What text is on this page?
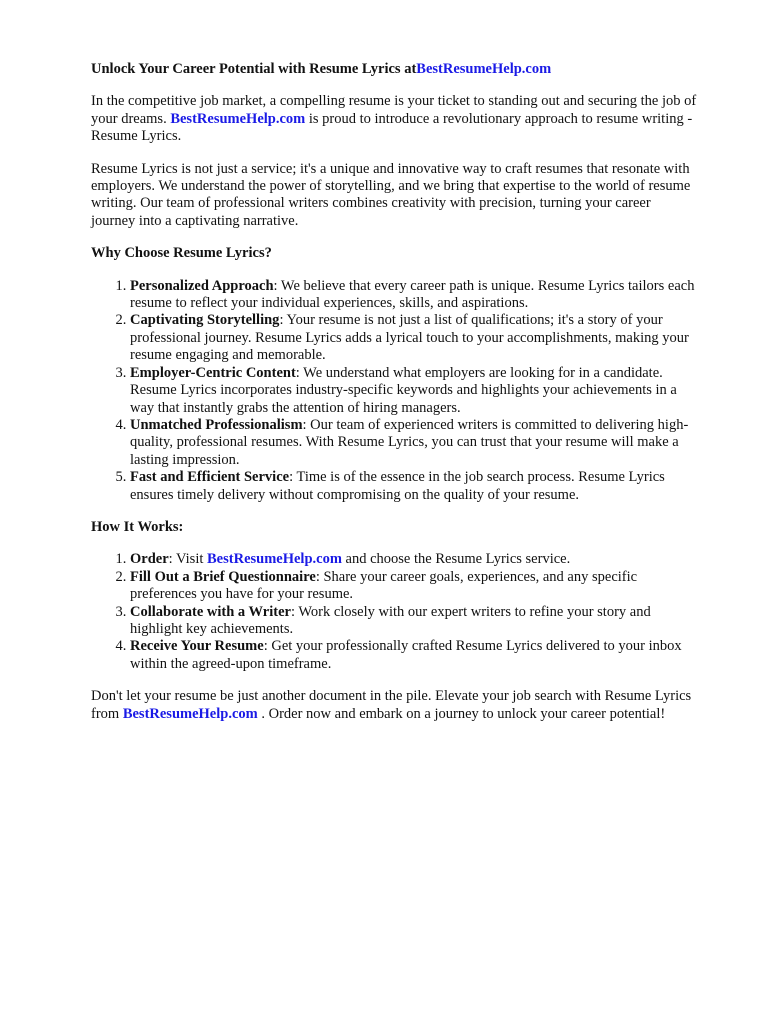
Unlock Your Career Potential with Resume Lyrics atBestResumeHelp.com

In the competitive job market, a compelling resume is your ticket to standing out and securing the job of your dreams. BestResumeHelp.com is proud to introduce a revolutionary approach to resume writing - Resume Lyrics.

Resume Lyrics is not just a service; it's a unique and innovative way to craft resumes that resonate with employers. We understand the power of storytelling, and we bring that expertise to the world of resume writing. Our team of professional writers combines creativity with precision, turning your career journey into a captivating narrative.

Why Choose Resume Lyrics?
1. Personalized Approach: We believe that every career path is unique. Resume Lyrics tailors each resume to reflect your individual experiences, skills, and aspirations.
2. Captivating Storytelling: Your resume is not just a list of qualifications; it's a story of your professional journey. Resume Lyrics adds a lyrical touch to your accomplishments, making your resume engaging and memorable.
3. Employer-Centric Content: We understand what employers are looking for in a candidate. Resume Lyrics incorporates industry-specific keywords and highlights your achievements in a way that instantly grabs the attention of hiring managers.
4. Unmatched Professionalism: Our team of experienced writers is committed to delivering high-quality, professional resumes. With Resume Lyrics, you can trust that your resume will make a lasting impression.
5. Fast and Efficient Service: Time is of the essence in the job search process. Resume Lyrics ensures timely delivery without compromising on the quality of your resume.
How It Works:
1. Order: Visit BestResumeHelp.com and choose the Resume Lyrics service.
2. Fill Out a Brief Questionnaire: Share your career goals, experiences, and any specific preferences you have for your resume.
3. Collaborate with a Writer: Work closely with our expert writers to refine your story and highlight key achievements.
4. Receive Your Resume: Get your professionally crafted Resume Lyrics delivered to your inbox within the agreed-upon timeframe.

Don't let your resume be just another document in the pile. Elevate your job search with Resume Lyrics from BestResumeHelp.com . Order now and embark on a journey to unlock your career potential!
